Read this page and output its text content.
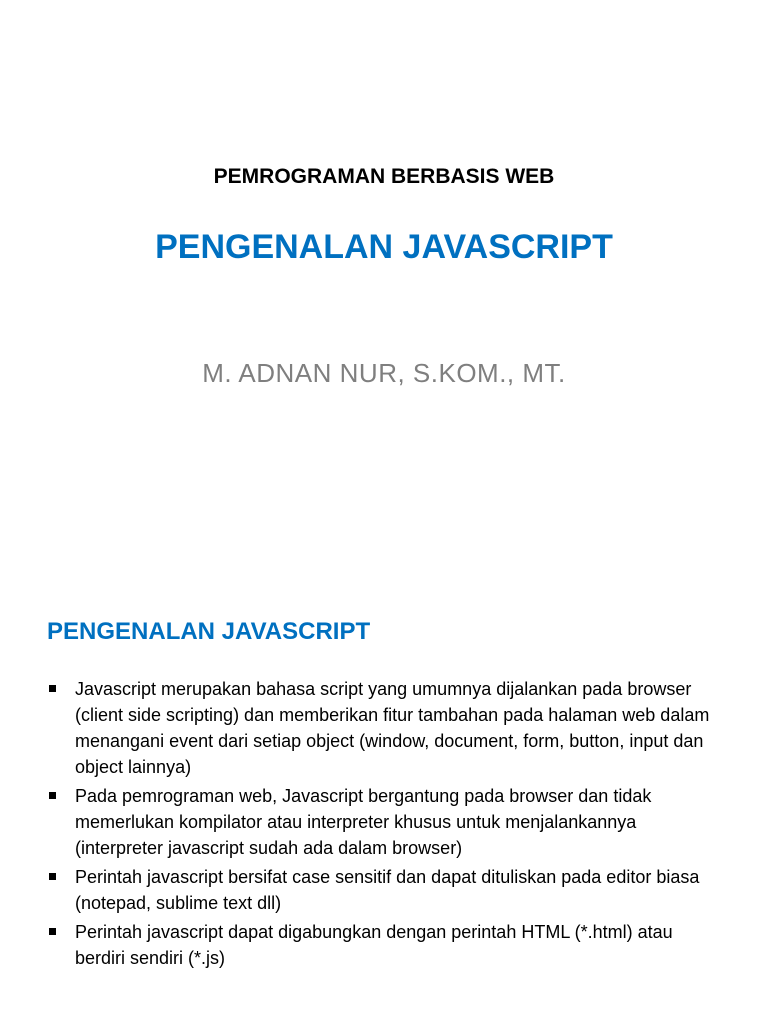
PEMROGRAMAN BERBASIS WEB
PENGENALAN JAVASCRIPT
M. ADNAN NUR, S.KOM., MT.
PENGENALAN JAVASCRIPT
Javascript merupakan bahasa script yang umumnya dijalankan pada browser (client side scripting) dan memberikan fitur tambahan pada halaman web dalam menangani event dari setiap object (window, document, form, button, input dan object lainnya)
Pada pemrograman web, Javascript bergantung pada browser dan tidak memerlukan kompilator atau interpreter khusus untuk menjalankannya (interpreter javascript sudah ada dalam browser)
Perintah javascript bersifat case sensitif dan dapat dituliskan pada editor biasa (notepad, sublime text dll)
Perintah javascript dapat digabungkan dengan perintah HTML (*.html) atau berdiri sendiri (*.js)
